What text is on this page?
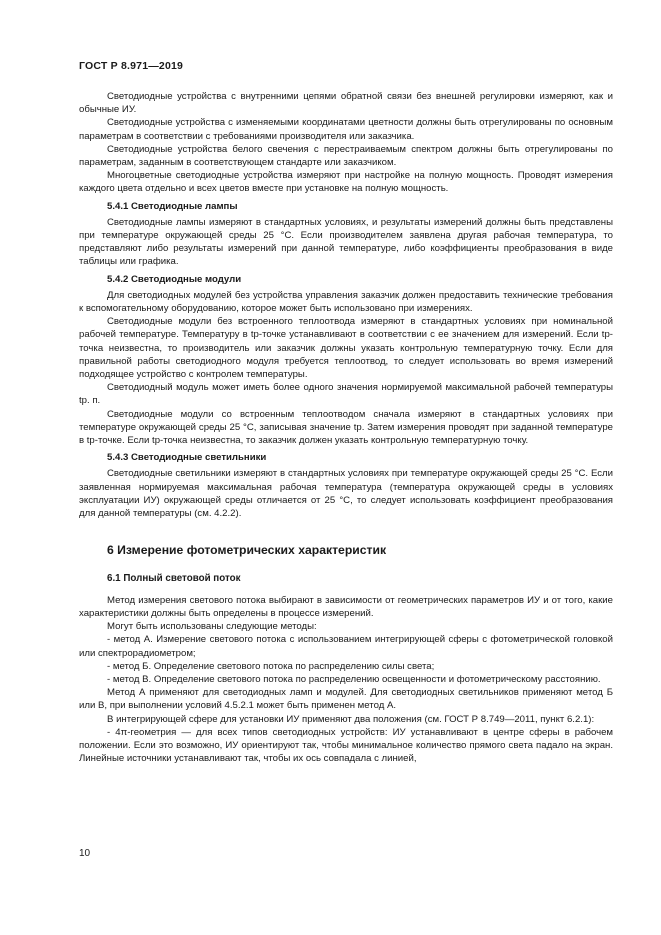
ГОСТ Р 8.971—2019

Светодиодные устройства с внутренними цепями обратной связи без внешней регулировки измеряют, как и обычные ИУ.

Светодиодные устройства с изменяемыми координатами цветности должны быть отрегулированы по основным параметрам в соответствии с требованиями производителя или заказчика.

Светодиодные устройства белого свечения с перестраиваемым спектром должны быть отрегулированы по параметрам, заданным в соответствующем стандарте или заказчиком.

Многоцветные светодиодные устройства измеряют при настройке на полную мощность. Проводят измерения каждого цвета отдельно и всех цветов вместе при установке на полную мощность.

5.4.1 Светодиодные лампы

Светодиодные лампы измеряют в стандартных условиях, и результаты измерений должны быть представлены при температуре окружающей среды 25 °С. Если производителем заявлена другая рабочая температура, то представляют либо результаты измерений при данной температуре, либо коэффициенты преобразования в виде таблицы или графика.

5.4.2 Светодиодные модули

Для светодиодных модулей без устройства управления заказчик должен предоставить технические требования к вспомогательному оборудованию, которое может быть использовано при измерениях.

Светодиодные модули без встроенного теплоотвода измеряют в стандартных условиях при номинальной рабочей температуре. Температуру в tp-точке устанавливают в соответствии с ее значением для измерений. Если tp-точка неизвестна, то производитель или заказчик должны указать контрольную температурную точку. Если для правильной работы светодиодного модуля требуется теплоотвод, то следует использовать во время измерений подходящее устройство с контролем температуры.

Светодиодный модуль может иметь более одного значения нормируемой максимальной рабочей температуры tр. п.

Светодиодные модули со встроенным теплоотводом сначала измеряют в стандартных условиях при температуре окружающей среды 25 °С, записывая значение tp. Затем измерения проводят при заданной температуре в tp-точке. Если tp-точка неизвестна, то заказчик должен указать контрольную температурную точку.

5.4.3 Светодиодные светильники

Светодиодные светильники измеряют в стандартных условиях при температуре окружающей среды 25 °С. Если заявленная нормируемая максимальная рабочая температура (температура окружающей среды в условиях эксплуатации ИУ) окружающей среды отличается от 25 °С, то следует использовать коэффициент преобразования для данной температуры (см. 4.2.2).

6 Измерение фотометрических характеристик
6.1 Полный световой поток

Метод измерения светового потока выбирают в зависимости от геометрических параметров ИУ и от того, какие характеристики должны быть определены в процессе измерений.

Могут быть использованы следующие методы:

- метод А. Измерение светового потока с использованием интегрирующей сферы с фотометрической головкой или спектрорадиометром;

- метод Б. Определение светового потока по распределению силы света;

- метод В. Определение светового потока по распределению освещенности и фотометрическому расстоянию.

Метод А применяют для светодиодных ламп и модулей. Для светодиодных светильников применяют метод Б или В, при выполнении условий 4.5.2.1 может быть применен метод А.

В интегрирующей сфере для установки ИУ применяют два положения (см. ГОСТ Р 8.749—2011, пункт 6.2.1):

- 4π-геометрия — для всех типов светодиодных устройств: ИУ устанавливают в центре сферы в рабочем положении. Если это возможно, ИУ ориентируют так, чтобы минимальное количество прямого света падало на экран. Линейные источники устанавливают так, чтобы их ось совпадала с линией,

10
